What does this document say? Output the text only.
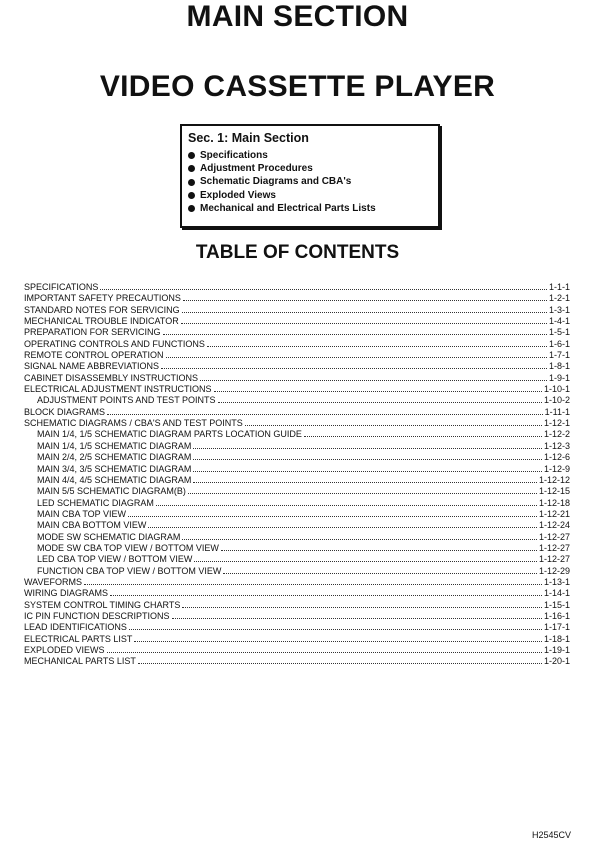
MAIN SECTION
VIDEO CASSETTE PLAYER
Sec. 1: Main Section
Specifications
Adjustment Procedures
Schematic Diagrams and CBA's
Exploded Views
Mechanical and Electrical Parts Lists
TABLE OF CONTENTS
SPECIFICATIONS	1-1-1
IMPORTANT SAFETY PRECAUTIONS	1-2-1
STANDARD NOTES FOR SERVICING	1-3-1
MECHANICAL TROUBLE INDICATOR	1-4-1
PREPARATION FOR SERVICING	1-5-1
OPERATING CONTROLS AND FUNCTIONS	1-6-1
REMOTE CONTROL OPERATION	1-7-1
SIGNAL NAME ABBREVIATIONS	1-8-1
CABINET DISASSEMBLY INSTRUCTIONS	1-9-1
ELECTRICAL ADJUSTMENT INSTRUCTIONS	1-10-1
ADJUSTMENT POINTS AND TEST POINTS	1-10-2
BLOCK DIAGRAMS	1-11-1
SCHEMATIC DIAGRAMS / CBA'S AND TEST POINTS	1-12-1
MAIN 1/4, 1/5 SCHEMATIC DIAGRAM PARTS LOCATION GUIDE	1-12-2
MAIN 1/4, 1/5 SCHEMATIC DIAGRAM	1-12-3
MAIN 2/4, 2/5 SCHEMATIC DIAGRAM	1-12-6
MAIN 3/4, 3/5 SCHEMATIC DIAGRAM	1-12-9
MAIN 4/4, 4/5 SCHEMATIC DIAGRAM	1-12-12
MAIN 5/5 SCHEMATIC DIAGRAM(B)	1-12-15
LED SCHEMATIC DIAGRAM	1-12-18
MAIN CBA TOP VIEW	1-12-21
MAIN CBA BOTTOM VIEW	1-12-24
MODE SW SCHEMATIC DIAGRAM	1-12-27
MODE SW CBA TOP VIEW / BOTTOM VIEW	1-12-27
LED CBA TOP VIEW / BOTTOM VIEW	1-12-27
FUNCTION CBA TOP VIEW / BOTTOM VIEW	1-12-29
WAVEFORMS	1-13-1
WIRING DIAGRAMS	1-14-1
SYSTEM CONTROL TIMING CHARTS	1-15-1
IC PIN FUNCTION DESCRIPTIONS	1-16-1
LEAD IDENTIFICATIONS	1-17-1
ELECTRICAL PARTS LIST	1-18-1
EXPLODED VIEWS	1-19-1
MECHANICAL PARTS LIST	1-20-1
H2545CV
